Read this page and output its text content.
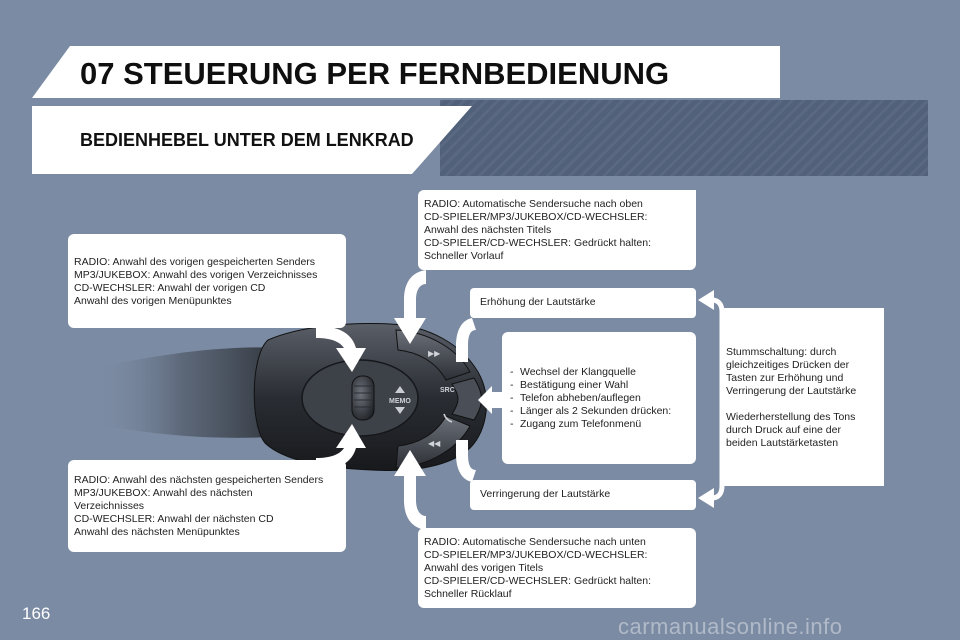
07 STEUERUNG PER FERNBEDIENUNG
BEDIENHEBEL UNTER DEM LENKRAD
MEMO
▶▶
◀◀
SRC
RADIO: Anwahl des vorigen gespeicherten Senders
MP3/JUKEBOX: Anwahl des vorigen Verzeichnisses
CD-WECHSLER: Anwahl der vorigen CD
Anwahl des vorigen Menüpunktes
RADIO: Anwahl des nächsten gespeicherten Senders
MP3/JUKEBOX: Anwahl des nächsten
Verzeichnisses
CD-WECHSLER: Anwahl der nächsten CD
Anwahl des nächsten Menüpunktes
RADIO: Automatische Sendersuche nach oben
CD-SPIELER/MP3/JUKEBOX/CD-WECHSLER:
Anwahl des nächsten Titels
CD-SPIELER/CD-WECHSLER: Gedrückt halten:
Schneller Vorlauf
RADIO: Automatische Sendersuche nach unten
CD-SPIELER/MP3/JUKEBOX/CD-WECHSLER:
Anwahl des vorigen Titels
CD-SPIELER/CD-WECHSLER: Gedrückt halten:
Schneller Rücklauf
Erhöhung der Lautstärke
Verringerung der Lautstärke
- Wechsel der Klangquelle
- Bestätigung einer Wahl
- Telefon abheben/auflegen
- Länger als 2 Sekunden drücken:
- Zugang zum Telefonmenü
Stummschaltung: durch
gleichzeitiges Drücken der
Tasten zur Erhöhung und
Verringerung der Lautstärke
Wiederherstellung des Tons
durch Druck auf eine der
beiden Lautstärketasten
166
carmanualsonline.info
